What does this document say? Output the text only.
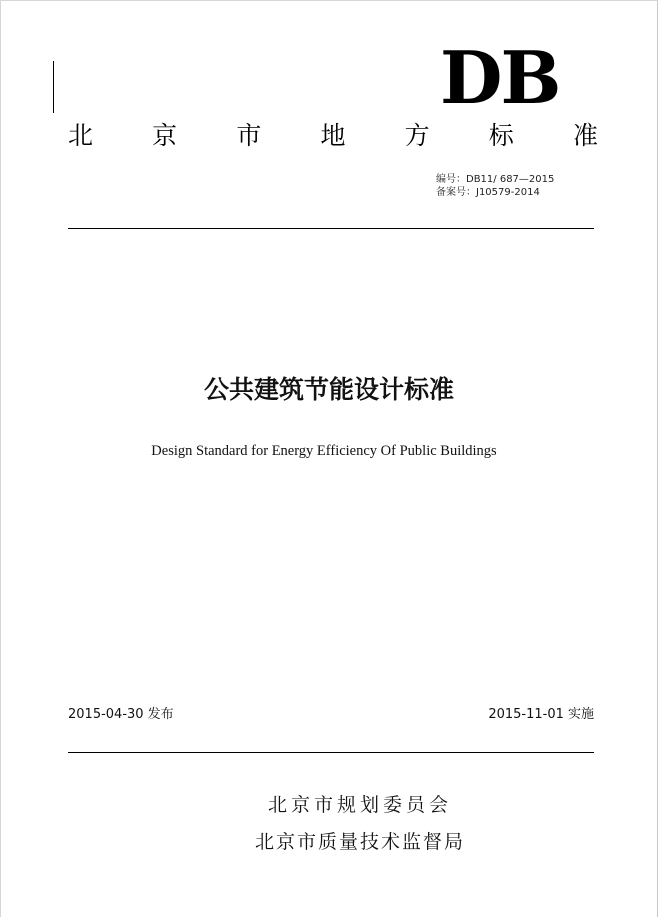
DB
北 京 市 地 方 标 准
编号：DB11/ 687—2015
备案号：J10579-2014
公共建筑节能设计标准
Design Standard for Energy Efficiency Of Public Buildings
2015-04-30 发布	2015-11-01 实施
北京市规划委员会
北京市质量技术监督局
